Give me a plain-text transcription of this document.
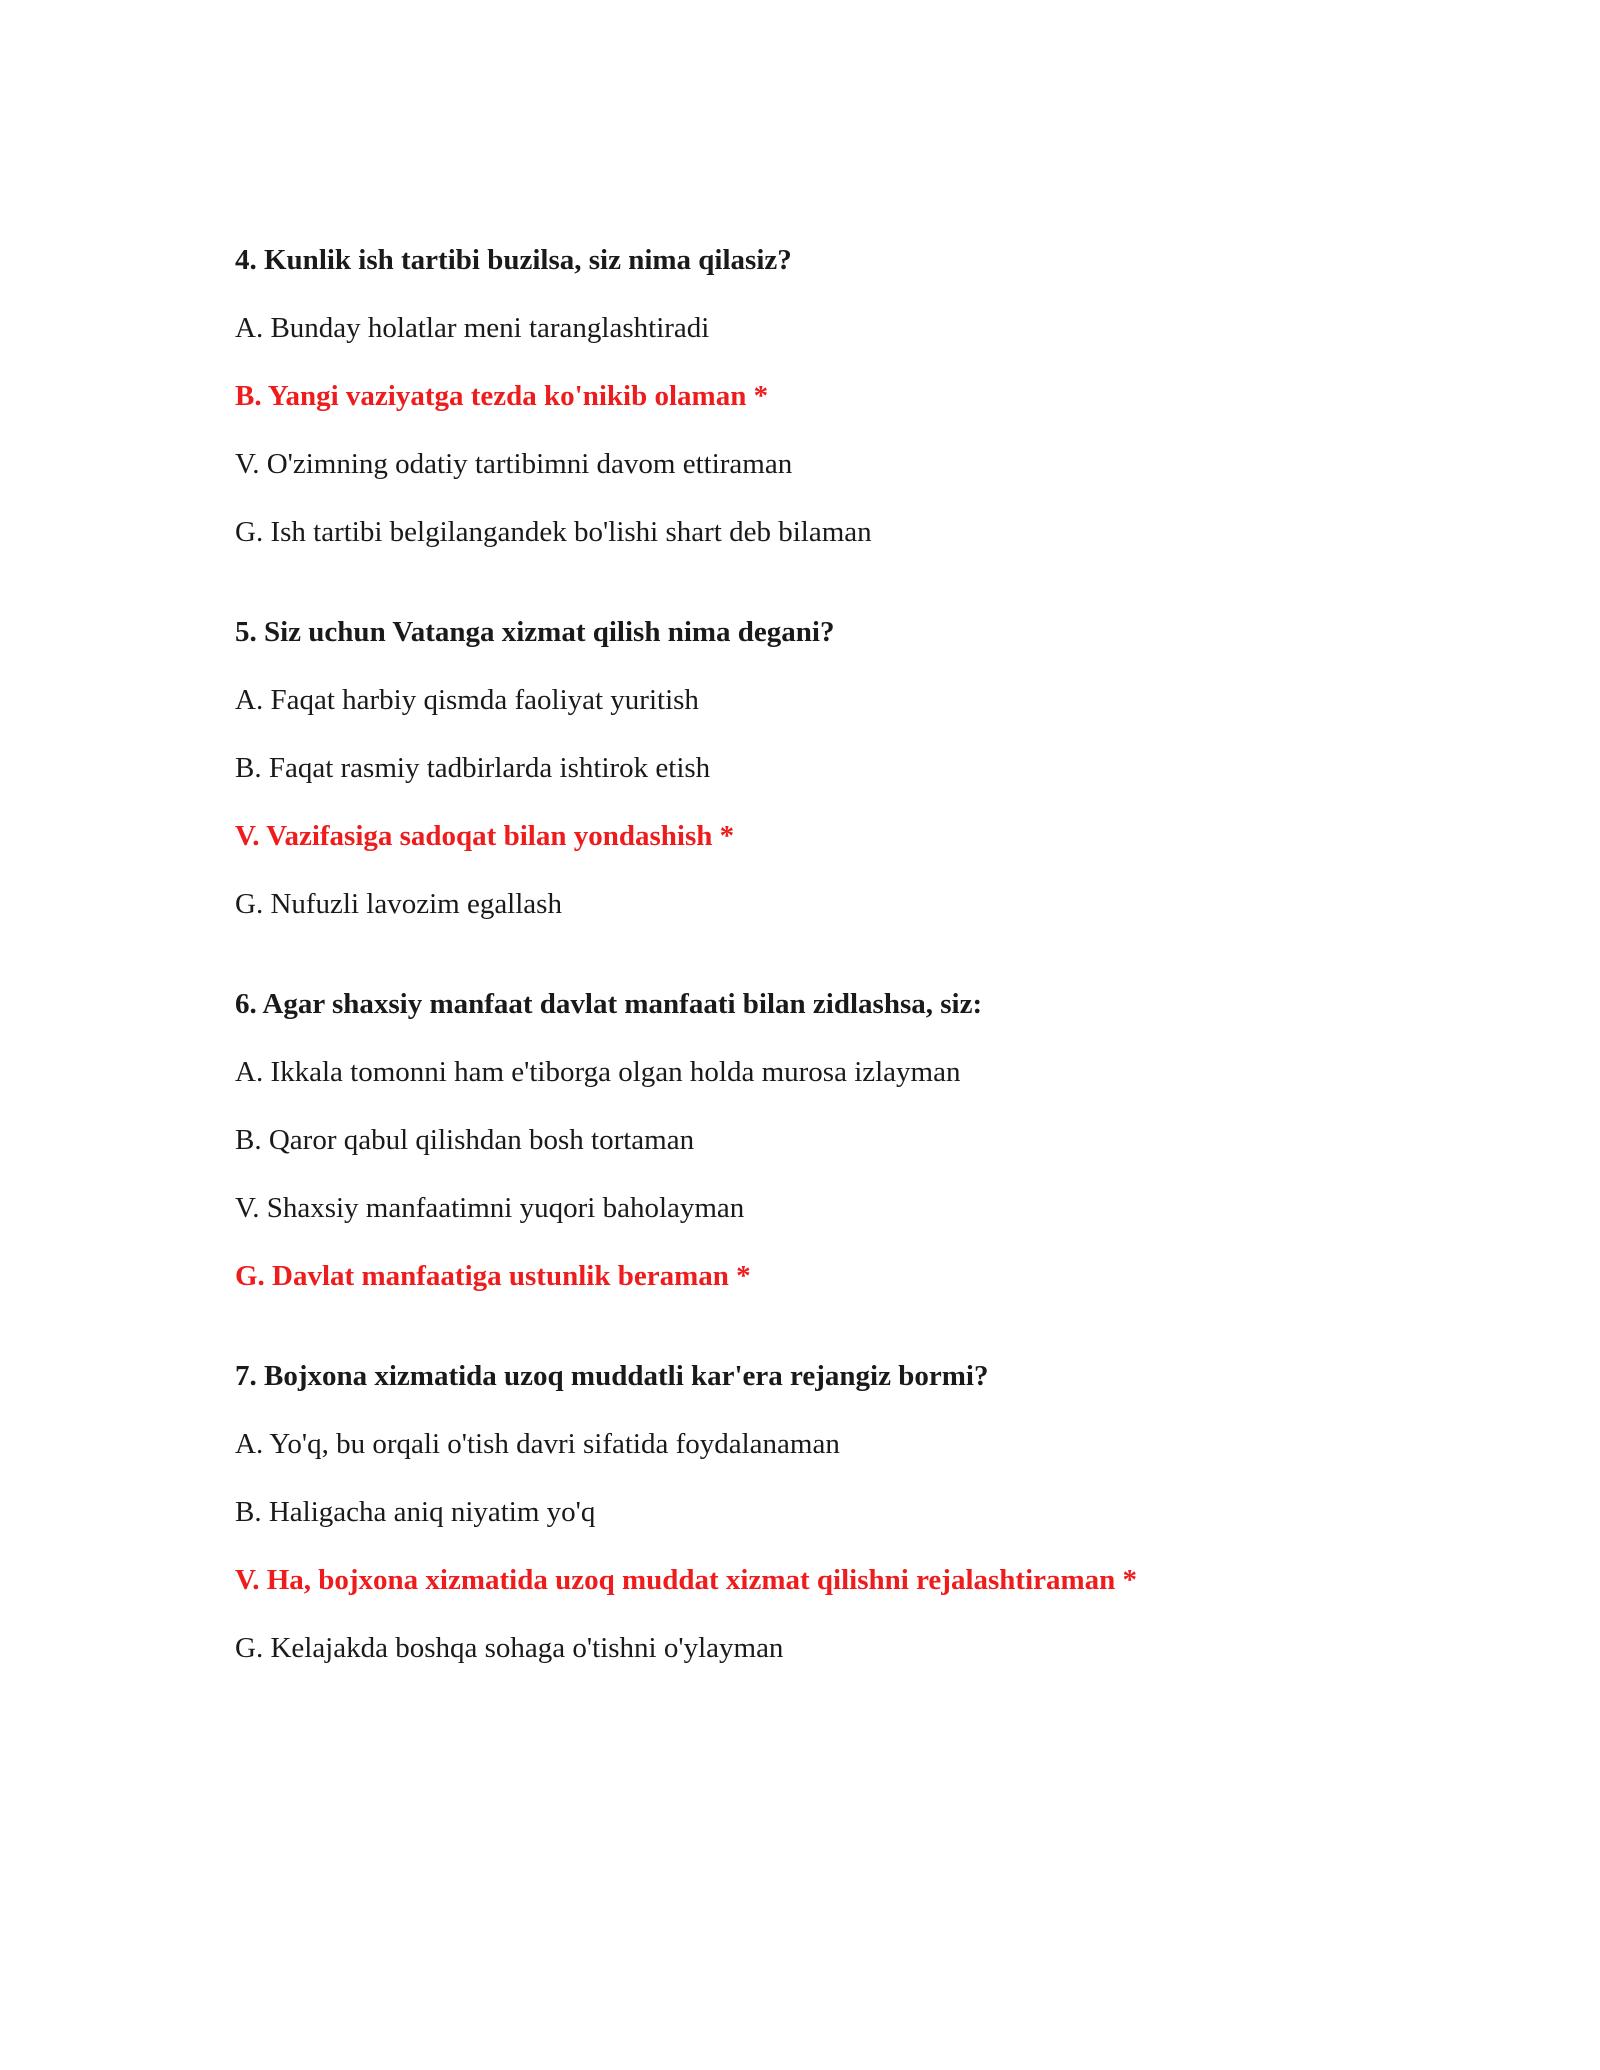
4. Kunlik ish tartibi buzilsa, siz nima qilasiz?
A. Bunday holatlar meni taranglashtiradi
B. Yangi vaziyatga tezda ko'nikib olaman *
V. O'zimning odatiy tartibimni davom ettiraman
G. Ish tartibi belgilangandek bo'lishi shart deb bilaman
5. Siz uchun Vatanga xizmat qilish nima degani?
A. Faqat harbiy qismda faoliyat yuritish
B. Faqat rasmiy tadbirlarda ishtirok etish
V. Vazifasiga sadoqat bilan yondashish *
G. Nufuzli lavozim egallash
6. Agar shaxsiy manfaat davlat manfaati bilan zidlashsa, siz:
A. Ikkala tomonni ham e'tiborga olgan holda murosa izlayman
B. Qaror qabul qilishdan bosh tortaman
V. Shaxsiy manfaatimni yuqori baholayman
G. Davlat manfaatiga ustunlik beraman *
7. Bojxona xizmatida uzoq muddatli kar'era rejangiz bormi?
A. Yo'q, bu orqali o'tish davri sifatida foydalanaman
B. Haligacha aniq niyatim yo'q
V. Ha, bojxona xizmatida uzoq muddat xizmat qilishni rejalashtiraman *
G. Kelajakda boshqa sohaga o'tishni o'ylayman
